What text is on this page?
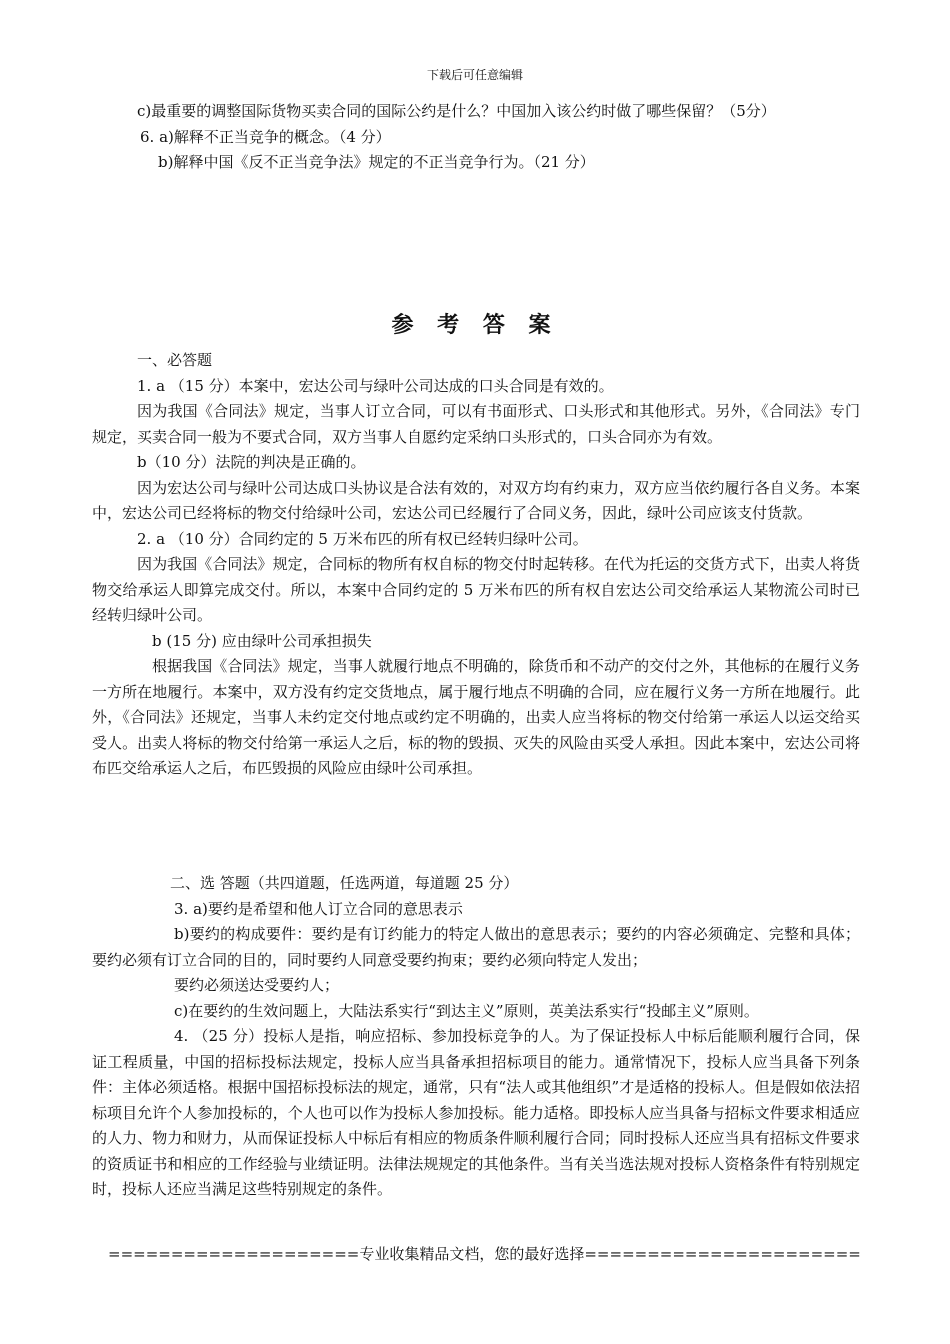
下载后可任意编辑

c)最重要的调整国际货物买卖合同的国际公约是什么？中国加入该公约时做了哪些保留？（5分）

6. a)解释不正当竞争的概念。（4 分）

b)解释中国《反不正当竞争法》规定的不正当竞争行为。（21 分）

参 考 答 案

一、必答题

1. a （15 分）本案中，宏达公司与绿叶公司达成的口头合同是有效的。

因为我国《合同法》规定，当事人订立合同，可以有书面形式、口头形式和其他形式。另外，《合同法》专门规定，买卖合同一般为不要式合同，双方当事人自愿约定采纳口头形式的，口头合同亦为有效。

b（10 分）法院的判决是正确的。

因为宏达公司与绿叶公司达成口头协议是合法有效的，对双方均有约束力，双方应当依约履行各自义务。本案中，宏达公司已经将标的物交付给绿叶公司，宏达公司已经履行了合同义务，因此，绿叶公司应该支付货款。

2. a （10 分）合同约定的 5 万米布匹的所有权已经转归绿叶公司。

因为我国《合同法》规定，合同标的物所有权自标的物交付时起转移。在代为托运的交货方式下，出卖人将货物交给承运人即算完成交付。所以，本案中合同约定的 5 万米布匹的所有权自宏达公司交给承运人某物流公司时已经转归绿叶公司。

b (15 分) 应由绿叶公司承担损失

根据我国《合同法》规定，当事人就履行地点不明确的，除货币和不动产的交付之外，其他标的在履行义务一方所在地履行。本案中，双方没有约定交货地点，属于履行地点不明确的合同，应在履行义务一方所在地履行。此外，《合同法》还规定，当事人未约定交付地点或约定不明确的，出卖人应当将标的物交付给第一承运人以运交给买受人。出卖人将标的物交付给第一承运人之后，标的物的毁损、灭失的风险由买受人承担。因此本案中，宏达公司将布匹交给承运人之后，布匹毁损的风险应由绿叶公司承担。

二、选 答题（共四道题，任选两道，每道题 25 分）

3. a)要约是希望和他人订立合同的意思表示

b)要约的构成要件：要约是有订约能力的特定人做出的意思表示；要约的内容必须确定、完整和具体；要约必须有订立合同的目的，同时要约人同意受要约拘束；要约必须向特定人发出；

要约必须送达受要约人；

c)在要约的生效问题上，大陆法系实行“到达主义”原则，英美法系实行“投邮主义”原则。

4. （25 分）投标人是指，响应招标、参加投标竞争的人。为了保证投标人中标后能顺利履行合同，保证工程质量，中国的招标投标法规定，投标人应当具备承担招标项目的能力。通常情况下，投标人应当具备下列条件：主体必须适格。根据中国招标投标法的规定，通常，只有“法人或其他组织”才是适格的投标人。但是假如依法招标项目允许个人参加投标的，个人也可以作为投标人参加投标。能力适格。即投标人应当具备与招标文件要求相适应的人力、物力和财力，从而保证投标人中标后有相应的物质条件顺利履行合同；同时投标人还应当具有招标文件要求的资质证书和相应的工作经验与业绩证明。法律法规规定的其他条件。当有关当选法规对投标人资格条件有特别规定时，投标人还应当满足这些特别规定的条件。

====================专业收集精品文档，您的最好选择======================
